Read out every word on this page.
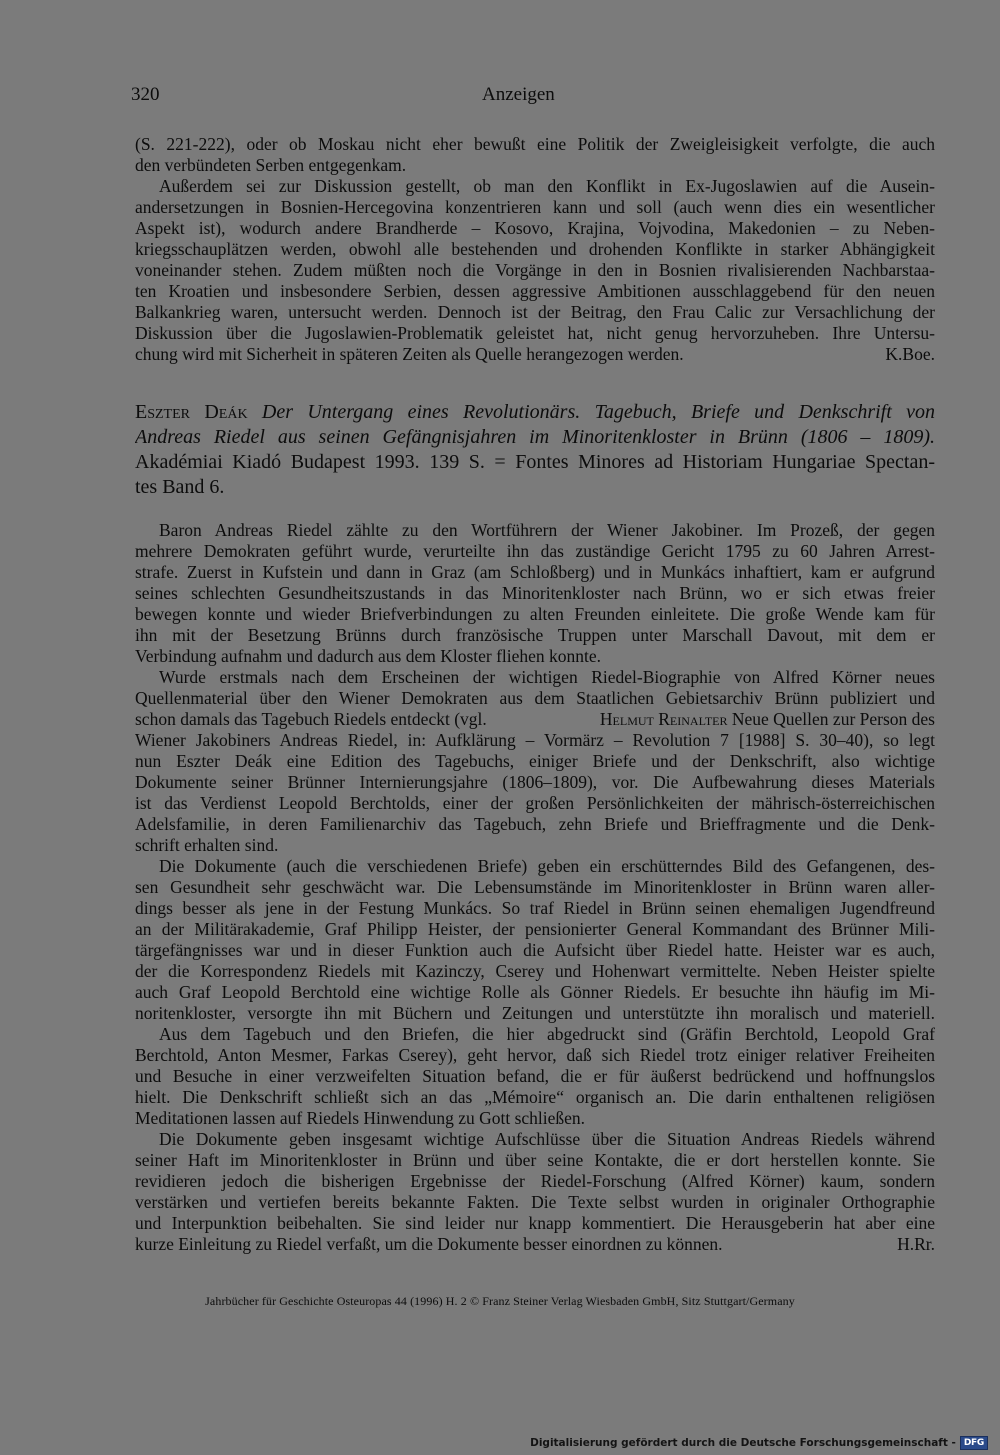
320	Anzeigen
(S. 221-222), oder ob Moskau nicht eher bewußt eine Politik der Zweigleisigkeit verfolgte, die auch
den verbündeten Serben entgegenkam.
Außerdem sei zur Diskussion gestellt, ob man den Konflikt in Ex-Jugoslawien auf die Ausein-
andersetzungen in Bosnien-Hercegovina konzentrieren kann und soll (auch wenn dies ein wesentlicher
Aspekt ist), wodurch andere Brandherde – Kosovo, Krajina, Vojvodina, Makedonien – zu Neben-
kriegsschauplätzen werden, obwohl alle bestehenden und drohenden Konflikte in starker Abhängigkeit
voneinander stehen. Zudem müßten noch die Vorgänge in den in Bosnien rivalisierenden Nachbarstaa-
ten Kroatien und insbesondere Serbien, dessen aggressive Ambitionen ausschlaggebend für den neuen
Balkankrieg waren, untersucht werden. Dennoch ist der Beitrag, den Frau Calic zur Versachlichung der
Diskussion über die Jugoslawien-Problematik geleistet hat, nicht genug hervorzuheben. Ihre Untersu-
chung wird mit Sicherheit in späteren Zeiten als Quelle herangezogen werden.	K.Boe.
Eszter Deák Der Untergang eines Revolutionärs. Tagebuch, Briefe und Denkschrift von
Andreas Riedel aus seinen Gefängnisjahren im Minoritenkloster in Brünn (1806 – 1809).
Akadémiai Kiadó Budapest 1993. 139 S. = Fontes Minores ad Historiam Hungariae Spectan-
tes Band 6.
Baron Andreas Riedel zählte zu den Wortführern der Wiener Jakobiner. Im Prozeß, der gegen
mehrere Demokraten geführt wurde, verurteilte ihn das zuständige Gericht 1795 zu 60 Jahren Arrest-
strafe. Zuerst in Kufstein und dann in Graz (am Schloßberg) und in Munkács inhaftiert, kam er aufgrund
seines schlechten Gesundheitszustands in das Minoritenkloster nach Brünn, wo er sich etwas freier
bewegen konnte und wieder Briefverbindungen zu alten Freunden einleitete. Die große Wende kam für
ihn mit der Besetzung Brünns durch französische Truppen unter Marschall Davout, mit dem er
Verbindung aufnahm und dadurch aus dem Kloster fliehen konnte.
Wurde erstmals nach dem Erscheinen der wichtigen Riedel-Biographie von Alfred Körner neues
Quellenmaterial über den Wiener Demokraten aus dem Staatlichen Gebietsarchiv Brünn publiziert und
schon damals das Tagebuch Riedels entdeckt (vgl.	Helmut Reinalter Neue Quellen zur Person des
Wiener Jakobiners Andreas Riedel, in: Aufklärung – Vormärz – Revolution 7 [1988] S. 30–40), so legt
nun Eszter Deák eine Edition des Tagebuchs, einiger Briefe und der Denkschrift, also wichtige
Dokumente seiner Brünner Internierungsjahre (1806–1809), vor. Die Aufbewahrung dieses Materials
ist das Verdienst Leopold Berchtolds, einer der großen Persönlichkeiten der mährisch-österreichischen
Adelsfamilie, in deren Familienarchiv das Tagebuch, zehn Briefe und Brieffragmente und die Denk-
schrift erhalten sind.
Die Dokumente (auch die verschiedenen Briefe) geben ein erschütterndes Bild des Gefangenen, des-
sen Gesundheit sehr geschwächt war. Die Lebensumstände im Minoritenkloster in Brünn waren aller-
dings besser als jene in der Festung Munkács. So traf Riedel in Brünn seinen ehemaligen Jugendfreund
an der Militärakademie, Graf Philipp Heister, der pensionierter General Kommandant des Brünner Mili-
tärgefängnisses war und in dieser Funktion auch die Aufsicht über Riedel hatte. Heister war es auch,
der die Korrespondenz Riedels mit Kazinczy, Cserey und Hohenwart vermittelte. Neben Heister spielte
auch Graf Leopold Berchtold eine wichtige Rolle als Gönner Riedels. Er besuchte ihn häufig im Mi-
noritenkloster, versorgte ihn mit Büchern und Zeitungen und unterstützte ihn moralisch und materiell.
Aus dem Tagebuch und den Briefen, die hier abgedruckt sind (Gräfin Berchtold, Leopold Graf
Berchtold, Anton Mesmer, Farkas Cserey), geht hervor, daß sich Riedel trotz einiger relativer Freiheiten
und Besuche in einer verzweifelten Situation befand, die er für äußerst bedrückend und hoffnungslos
hielt. Die Denkschrift schließt sich an das „Mémoire“ organisch an. Die darin enthaltenen religiösen
Meditationen lassen auf Riedels Hinwendung zu Gott schließen.
Die Dokumente geben insgesamt wichtige Aufschlüsse über die Situation Andreas Riedels während
seiner Haft im Minoritenkloster in Brünn und über seine Kontakte, die er dort herstellen konnte. Sie
revidieren jedoch die bisherigen Ergebnisse der Riedel-Forschung (Alfred Körner) kaum, sondern
verstärken und vertiefen bereits bekannte Fakten. Die Texte selbst wurden in originaler Orthographie
und Interpunktion beibehalten. Sie sind leider nur knapp kommentiert. Die Herausgeberin hat aber eine
kurze Einleitung zu Riedel verfaßt, um die Dokumente besser einordnen zu können.	H.Rr.
Jahrbücher für Geschichte Osteuropas 44 (1996) H. 2 © Franz Steiner Verlag Wiesbaden GmbH, Sitz Stuttgart/Germany
Digitalisierung gefördert durch die Deutsche Forschungsgemeinschaft - DFG
